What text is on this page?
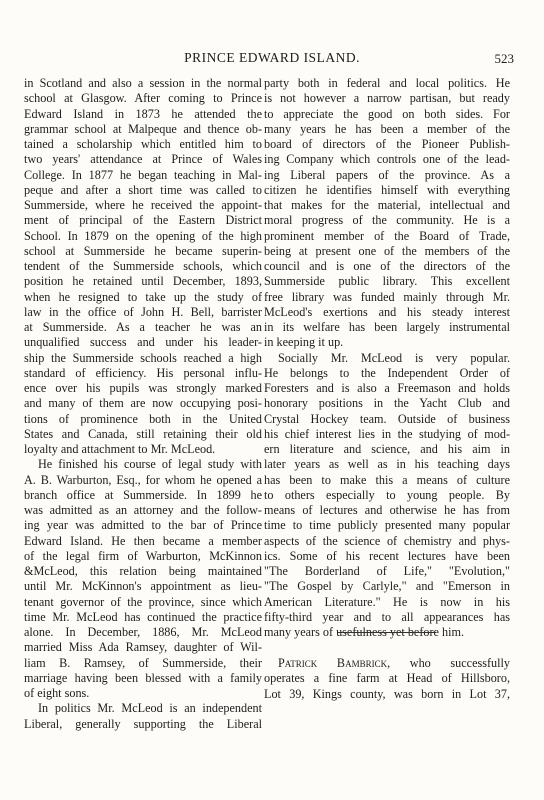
PRINCE EDWARD ISLAND.	523
in Scotland and also a session in the normal
school at Glasgow. After coming to Prince
Edward Island in 1873 he attended the
grammar school at Malpeque and thence ob-
tained a scholarship which entitled him to
two years' attendance at Prince of Wales
College. In 1877 he began teaching in Mal-
peque and after a short time was called to
Summerside, where he received the appoint-
ment of principal of the Eastern District
School. In 1879 on the opening of the high
school at Summerside he became superin-
tendent of the Summerside schools, which
position he retained until December, 1893,
when he resigned to take up the study of
law in the office of John H. Bell, barrister
at Summerside. As a teacher he was an
unqualified success and under his leader-
ship the Summerside schools reached a high
standard of efficiency. His personal influ-
ence over his pupils was strongly marked
and many of them are now occupying posi-
tions of prominence both in the United
States and Canada, still retaining their old
loyalty and attachment to Mr. McLeod.
He finished his course of legal study with
A. B. Warburton, Esq., for whom he opened a
branch office at Summerside. In 1899 he
was admitted as an attorney and the follow-
ing year was admitted to the bar of Prince
Edward Island. He then became a member
of the legal firm of Warburton, McKinnon
&McLeod, this relation being maintained
until Mr. McKinnon's appointment as lieu-
tenant governor of the province, since which
time Mr. McLeod has continued the practice
alone. In December, 1886, Mr. McLeod
married Miss Ada Ramsey, daughter of Wil-
liam B. Ramsey, of Summerside, their
marriage having been blessed with a family
of eight sons.
In politics Mr. McLeod is an independent
Liberal, generally supporting the Liberal
party both in federal and local politics. He
is not however a narrow partisan, but ready
to appreciate the good on both sides. For
many years he has been a member of the
board of directors of the Pioneer Publish-
ing Company which controls one of the lead-
ing Liberal papers of the province. As a
citizen he identifies himself with everything
that makes for the material, intellectual and
moral progress of the community. He is a
prominent member of the Board of Trade,
being at present one of the members of the
council and is one of the directors of the
Summerside public library. This excellent
free library was funded mainly through Mr.
McLeod's exertions and his steady interest
in its welfare has been largely instrumental
in keeping it up.
Socially Mr. McLeod is very popular.
He belongs to the Independent Order of
Foresters and is also a Freemason and holds
honorary positions in the Yacht Club and
Crystal Hockey team. Outside of business
his chief interest lies in the studying of mod-
ern literature and science, and his aim in
later years as well as in his teaching days
has been to make this a means of culture
to others especially to young people. By
means of lectures and otherwise he has from
time to time publicly presented many popular
aspects of the science of chemistry and phys-
ics. Some of his recent lectures have been
"The Borderland of Life," "Evolution,"
"The Gospel by Carlyle," and "Emerson in
American Literature." He is now in his
fifty-third year and to all appearances has
many years of usefulness yet before him.
Patrick Bambrick, who successfully
operates a fine farm at Head of Hillsboro,
Lot 39, Kings county, was born in Lot 37,
